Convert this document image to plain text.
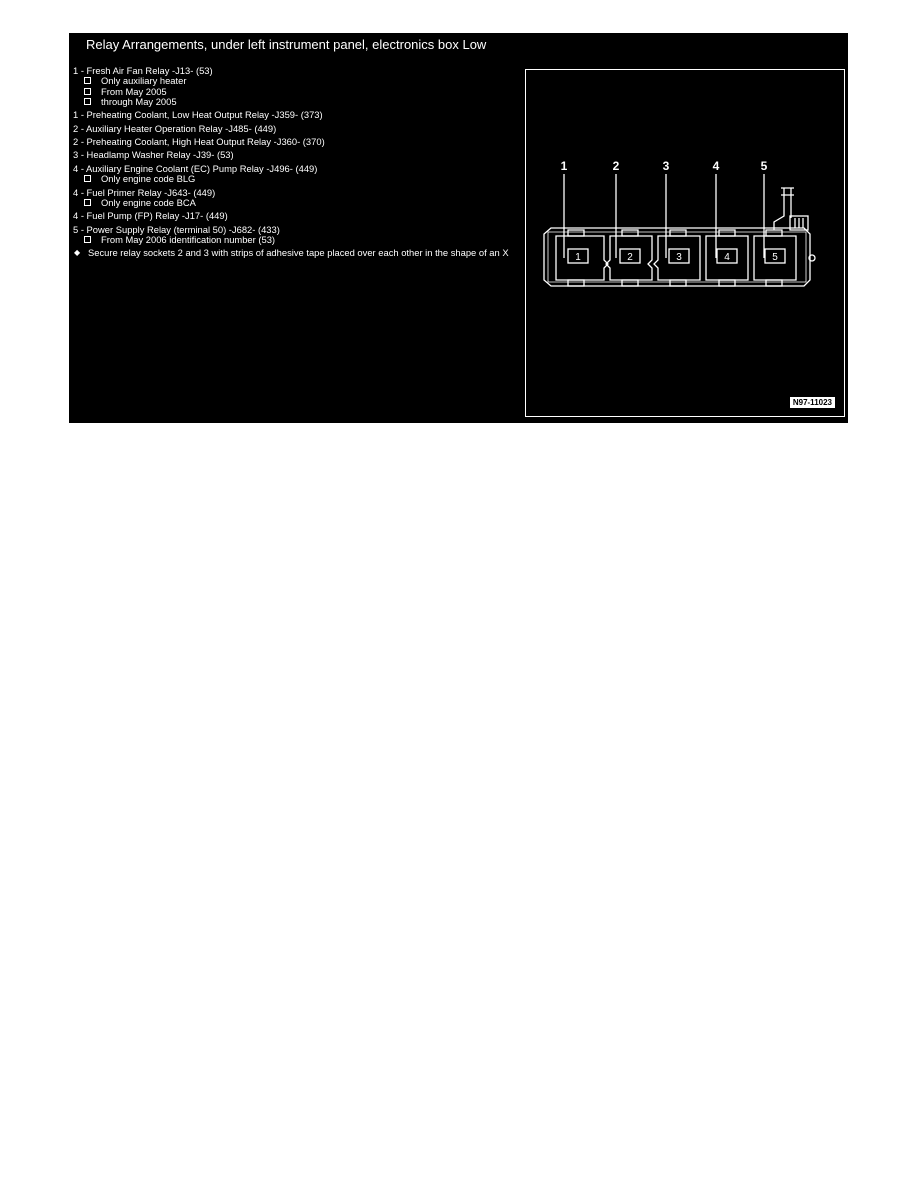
Relay Arrangements, under left instrument panel, electronics box Low
1 - Fresh Air Fan Relay -J13- (53)
Only auxiliary heater
From May 2005
through May 2005
1 - Preheating Coolant, Low Heat Output Relay -J359- (373)
2 - Auxiliary Heater Operation Relay -J485- (449)
2 - Preheating Coolant, High Heat Output Relay -J360- (370)
3 - Headlamp Washer Relay -J39- (53)
4 - Auxiliary Engine Coolant (EC) Pump Relay -J496- (449)
Only engine code BLG
4 - Fuel Primer Relay -J643- (449)
Only engine code BCA
4 - Fuel Pump (FP) Relay -J17- (449)
5 - Power Supply Relay (terminal 50) -J682- (433)
From May 2006 identification number (53)
◆ Secure relay sockets 2 and 3 with strips of adhesive tape placed over each other in the shape of an X
1	2	3	4	5
1	2	3	4	5
N97-11023
